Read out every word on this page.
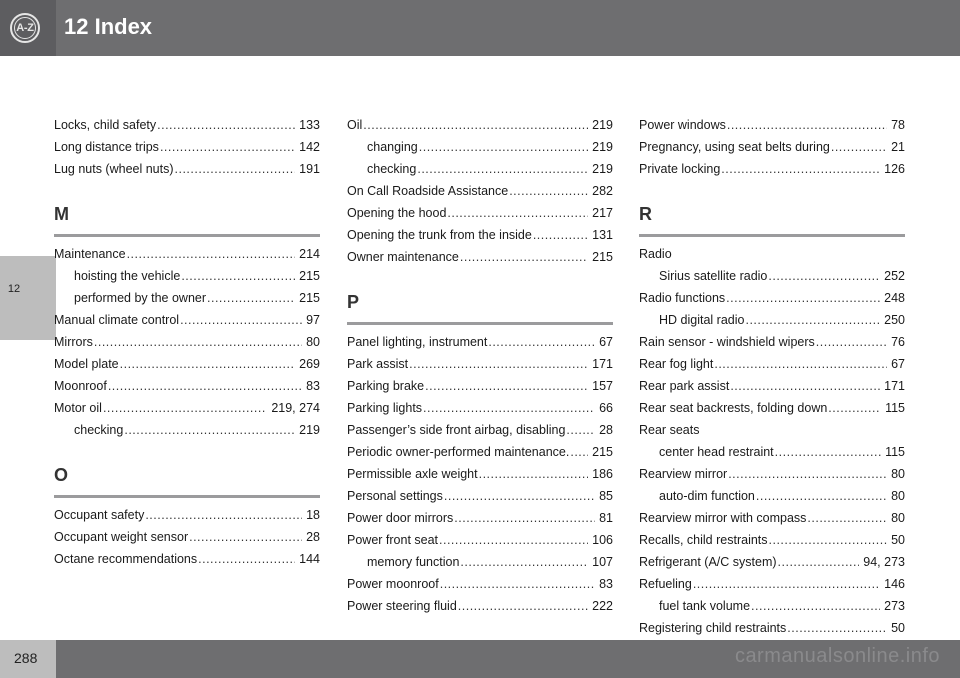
A-Z 12 Index
12
288	carmanualsonline.info
Locks, child safety .....	133
Long distance trips .....	142
Lug nuts (wheel nuts) .....	191
M
Maintenance .....	214
hoisting the vehicle .....	215
performed by the owner .....	215
Manual climate control .....	97
Mirrors .....	80
Model plate .....	269
Moonroof .....	83
Motor oil .....	219, 274
checking .....	219
O
Occupant safety .....	18
Occupant weight sensor .....	28
Octane recommendations .....	144
Oil .....	219
changing .....	219
checking .....	219
On Call Roadside Assistance .....	282
Opening the hood .....	217
Opening the trunk from the inside .....	131
Owner maintenance .....	215
P
Panel lighting, instrument .....	67
Park assist .....	171
Parking brake .....	157
Parking lights .....	66
Passenger’s side front airbag, disabling .....	28
Periodic owner-performed maintenance. ..... 215
Permissible axle weight .....	186
Personal settings .....	85
Power door mirrors .....	81
Power front seat .....	106
memory function .....	107
Power moonroof .....	83
Power steering fluid .....	222
Power windows .....	78
Pregnancy, using seat belts during .....	21
Private locking .....	126
R
Radio
Sirius satellite radio .....	252
Radio functions .....	248
HD digital radio .....	250
Rain sensor - windshield wipers .....	76
Rear fog light .....	67
Rear park assist .....	171
Rear seat backrests, folding down .....	115
Rear seats
center head restraint .....	115
Rearview mirror .....	80
auto-dim function .....	80
Rearview mirror with compass .....	80
Recalls, child restraints .....	50
Refrigerant (A/C system) .....	94, 273
Refueling .....	146
fuel tank volume .....	273
Registering child restraints .....	50
